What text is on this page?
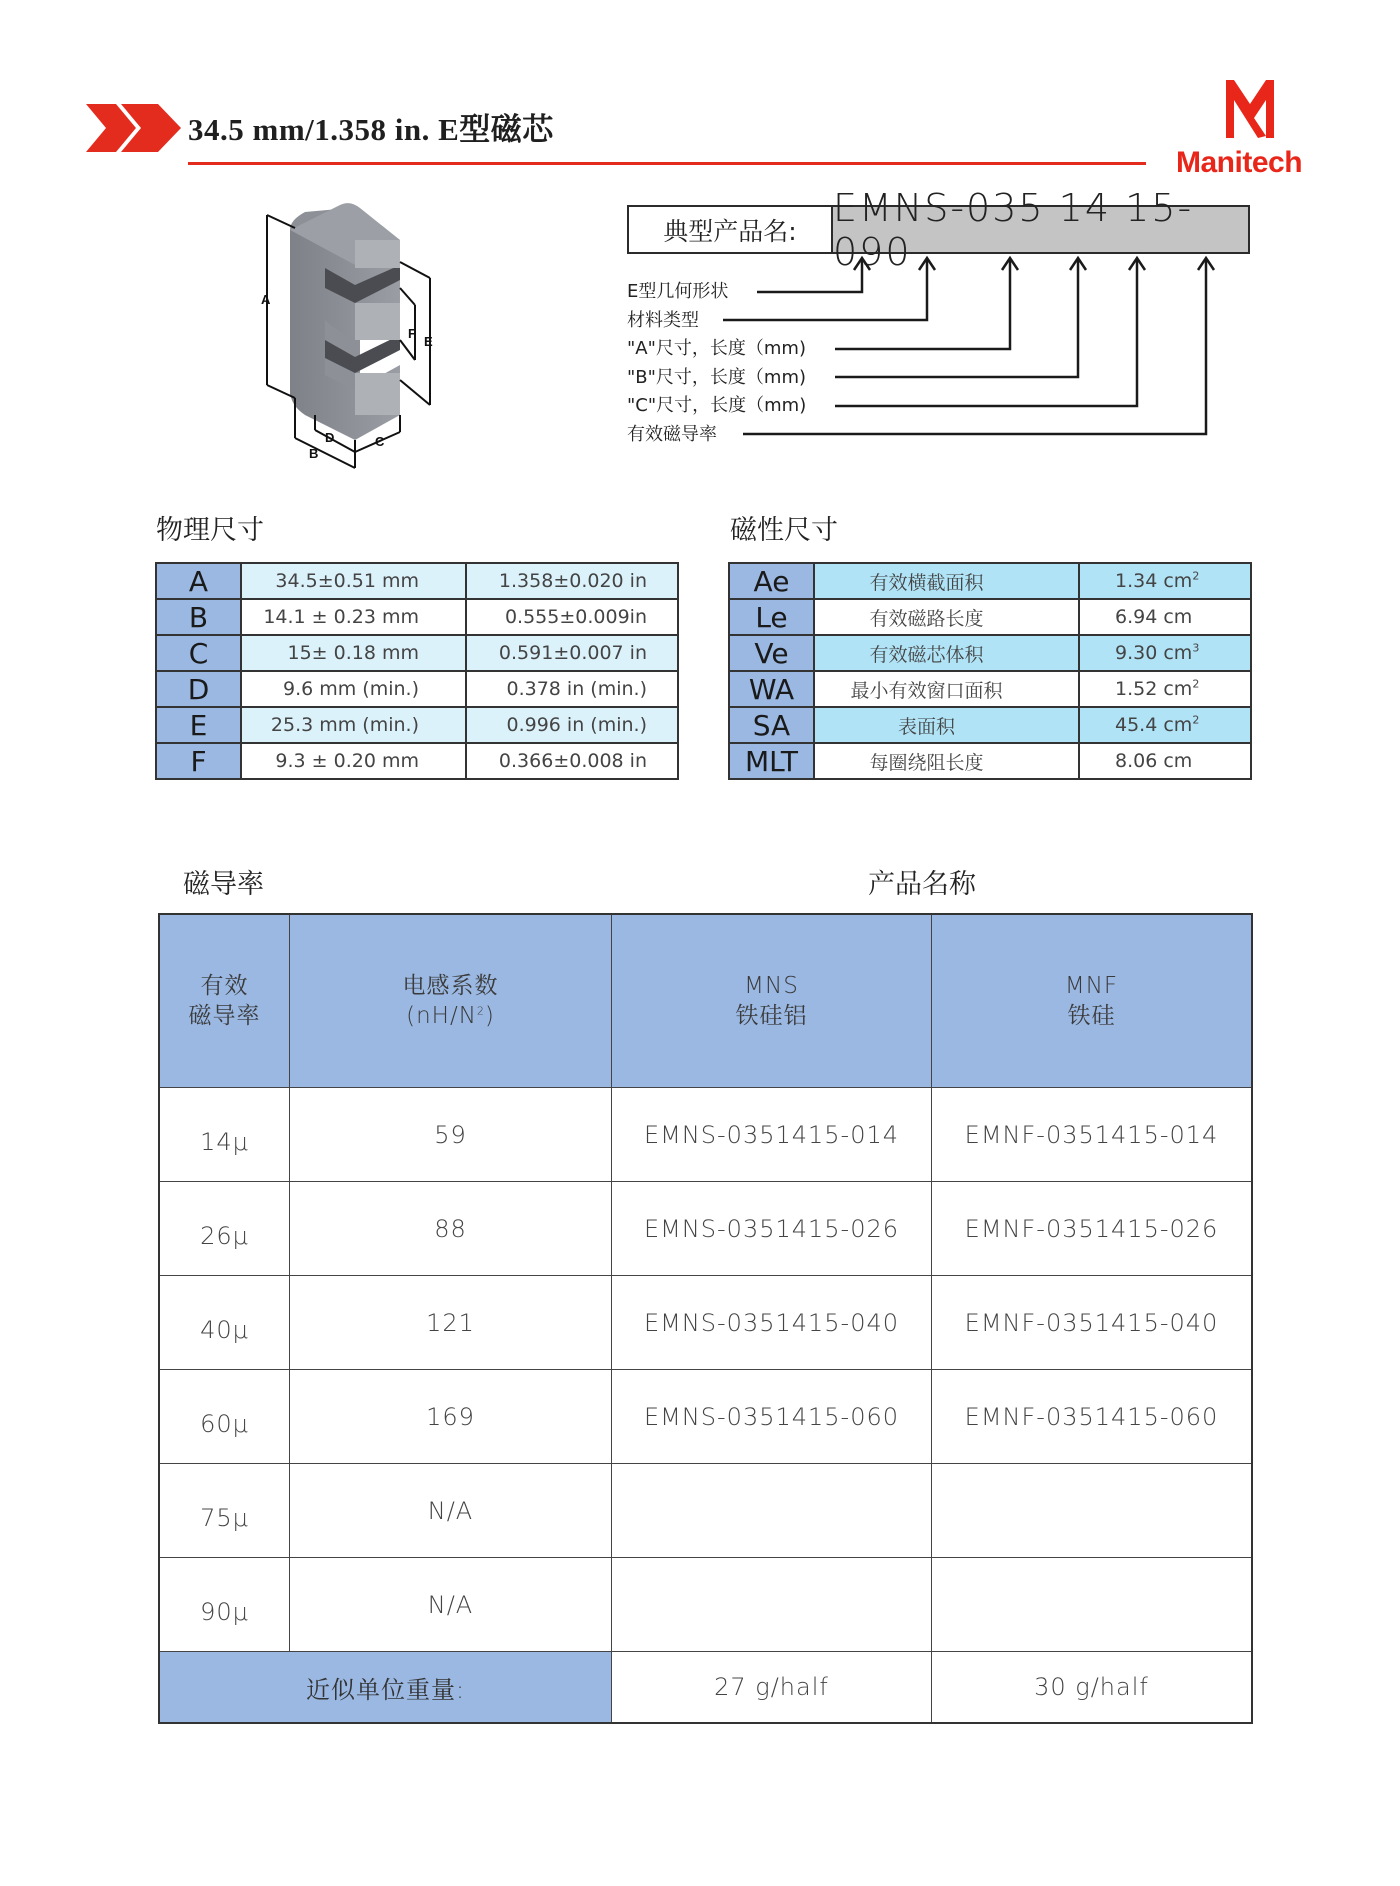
34.5 mm/1.358 in. E型磁芯
Manitech
A
F
E
D
B
C
典型产品名:
EMNS-035 14 15-090
E型几何形状
材料类型
"A"尺寸，长度（mm)
"B"尺寸，长度（mm)
"C"尺寸，长度（mm)
有效磁导率
物理尺寸
A	34.5±0.51 mm	1.358±0.020 in
B	14.1 ± 0.23 mm	0.555±0.009in
C	15± 0.18 mm	0.591±0.007 in
D	9.6 mm (min.)	0.378 in (min.)
E	25.3 mm (min.)	0.996 in (min.)
F	9.3 ± 0.20 mm	0.366±0.008 in
磁性尺寸
Ae	有效横截面积	1.34 $cm^2$
Le	有效磁路长度	6.94 cm
Ve	有效磁芯体积	9.30 $cm^3$
WA	最小有效窗口面积	1.52 $cm^2$
SA	表面积	45.4 $cm^2$
MLT	每圈绕阻长度	8.06 cm
磁导率	产品名称
有效
磁导率

电感系数
$(nH/N^2)$

MNS
铁硅铝

MNF
铁硅

14μ	59	EMNS-0351415-014	EMNF-0351415-014
26μ	88	EMNS-0351415-026	EMNF-0351415-026
40μ	121	EMNS-0351415-040	EMNF-0351415-040
60μ	169	EMNS-0351415-060	EMNF-0351415-060
75μ	N/A		
90μ	N/A		
近似单位重量:		27 g/half	30 g/half
